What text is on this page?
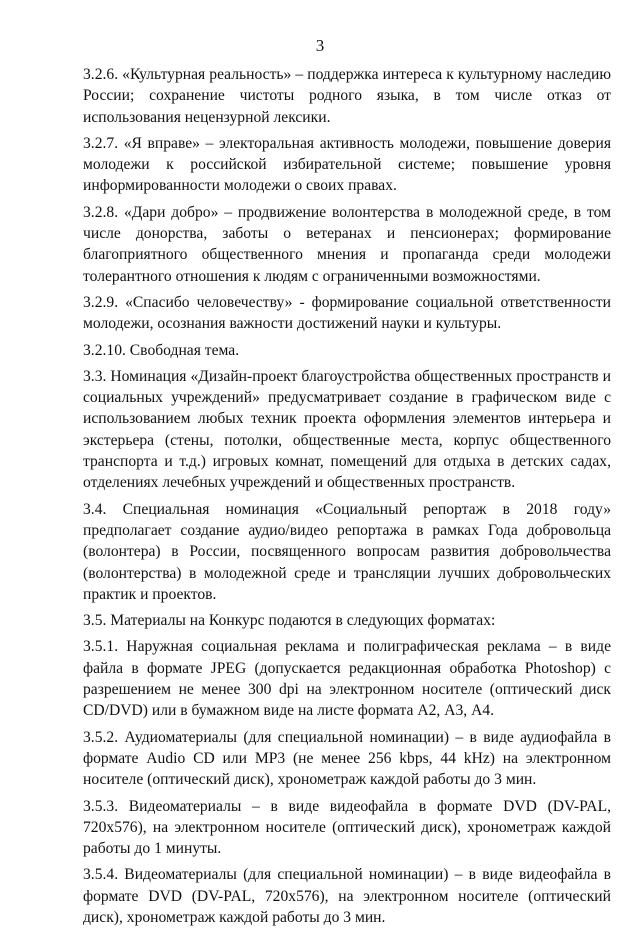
3

3.2.6. «Культурная реальность» – поддержка интереса к культурному наследию России; сохранение чистоты родного языка, в том числе отказ от использования нецензурной лексики.

3.2.7. «Я вправе» – электоральная активность молодежи, повышение доверия молодежи к российской избирательной системе; повышение уровня информированности молодежи о своих правах.

3.2.8. «Дари добро» – продвижение волонтерства в молодежной среде, в том числе донорства, заботы о ветеранах и пенсионерах; формирование благоприятного общественного мнения и пропаганда среди молодежи толерантного отношения к людям с ограниченными возможностями.

3.2.9. «Спасибо человечеству» - формирование социальной ответственности молодежи, осознания важности достижений науки и культуры.

3.2.10. Свободная тема.

3.3. Номинация «Дизайн-проект благоустройства общественных пространств и социальных учреждений» предусматривает создание в графическом виде с использованием любых техник проекта оформления элементов интерьера и экстерьера (стены, потолки, общественные места, корпус общественного транспорта и т.д.) игровых комнат, помещений для отдыха в детских садах, отделениях лечебных учреждений и общественных пространств.

3.4. Специальная номинация «Социальный репортаж в 2018 году» предполагает создание аудио/видео репортажа в рамках Года добровольца (волонтера) в России, посвященного вопросам развития добровольчества (волонтерства) в молодежной среде и трансляции лучших добровольческих практик и проектов.

3.5. Материалы на Конкурс подаются в следующих форматах:

3.5.1. Наружная социальная реклама и полиграфическая реклама – в виде файла в формате JPEG (допускается редакционная обработка Photoshop) с разрешением не менее 300 dpi на электронном носителе (оптический диск CD/DVD) или в бумажном виде на листе формата А2, А3, А4.

3.5.2. Аудиоматериалы (для специальной номинации) – в виде аудиофайла в формате Audio CD или MP3 (не менее 256 kbps, 44 kHz) на электронном носителе (оптический диск), хронометраж каждой работы до 3 мин.

3.5.3. Видеоматериалы – в виде видеофайла в формате DVD (DV-PAL, 720x576), на электронном носителе (оптический диск), хронометраж каждой работы до 1 минуты.

3.5.4. Видеоматериалы (для специальной номинации) – в виде видеофайла в формате DVD (DV-PAL, 720x576), на электронном носителе (оптический диск), хронометраж каждой работы до 3 мин.
